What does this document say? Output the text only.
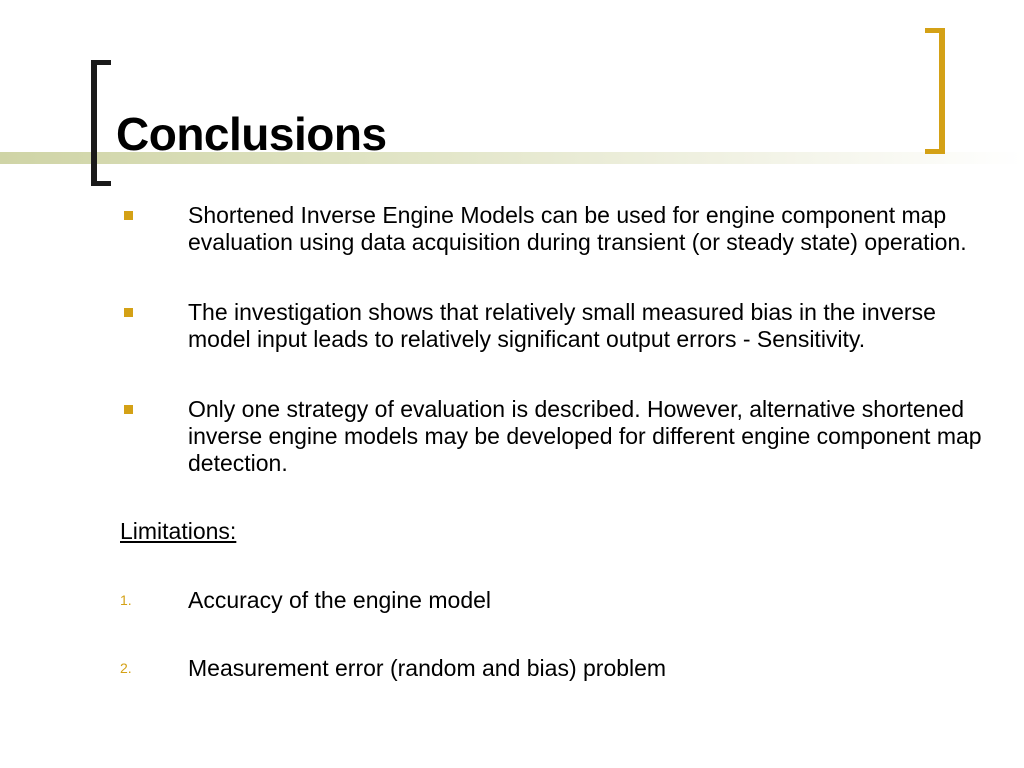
Conclusions
Shortened Inverse Engine Models can be used for engine component map evaluation using data acquisition during transient (or steady state) operation.
The investigation shows that relatively small measured bias in the inverse model input leads to relatively significant output errors - Sensitivity.
Only one strategy of evaluation is described. However, alternative shortened inverse engine models may be developed for different engine component map detection.
Limitations:
1. Accuracy of the engine model
2. Measurement error (random and bias) problem
